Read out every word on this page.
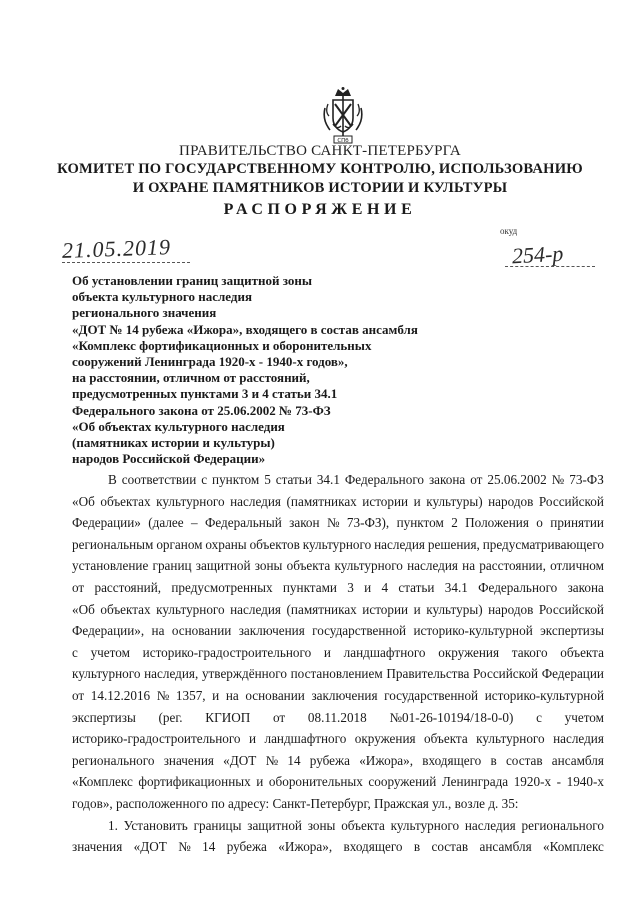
СПб
ПРАВИТЕЛЬСТВО САНКТ-ПЕТЕРБУРГА
КОМИТЕТ ПО ГОСУДАРСТВЕННОМУ КОНТРОЛЮ, ИСПОЛЬЗОВАНИЮ
И ОХРАНЕ ПАМЯТНИКОВ ИСТОРИИ И КУЛЬТУРЫ
РАСПОРЯЖЕНИЕ
21.05.2019
окуд
254-р
Об установлении границ защитной зоны
объекта культурного наследия
регионального значения
«ДОТ № 14 рубежа «Ижора», входящего в состав ансамбля
«Комплекс фортификационных и оборонительных
сооружений Ленинграда 1920-х - 1940-х годов»,
на расстоянии, отличном от расстояний,
предусмотренных пунктами 3 и 4 статьи 34.1
Федерального закона от 25.06.2002 № 73-ФЗ
«Об объектах культурного наследия
(памятниках истории и культуры)
народов Российской Федерации»
В соответствии с пунктом 5 статьи 34.1 Федерального закона от 25.06.2002 № 73-ФЗ
«Об объектах культурного наследия (памятниках истории и культуры) народов Российской
Федерации» (далее – Федеральный закон № 73-ФЗ), пунктом 2 Положения о принятии
региональным органом охраны объектов культурного наследия решения, предусматривающего
установление границ защитной зоны объекта культурного наследия на расстоянии, отличном
от расстояний, предусмотренных пунктами 3 и 4 статьи 34.1 Федерального закона
«Об объектах культурного наследия (памятниках истории и культуры) народов Российской
Федерации», на основании заключения государственной историко-культурной экспертизы
с учетом историко-градостроительного и ландшафтного окружения такого объекта
культурного наследия, утверждённого постановлением Правительства Российской Федерации
от 14.12.2016 № 1357, и на основании заключения государственной историко-культурной
экспертизы (рег. КГИОП от 08.11.2018 №01-26-10194/18-0-0) с учетом
историко-градостроительного и ландшафтного окружения объекта культурного наследия
регионального значения «ДОТ № 14 рубежа «Ижора», входящего в состав ансамбля
«Комплекс фортификационных и оборонительных сооружений Ленинграда 1920-х - 1940-х
годов», расположенного по адресу: Санкт-Петербург, Пражская ул., возле д. 35:
1. Установить границы защитной зоны объекта культурного наследия регионального
значения «ДОТ № 14 рубежа «Ижора», входящего в состав ансамбля «Комплекс
